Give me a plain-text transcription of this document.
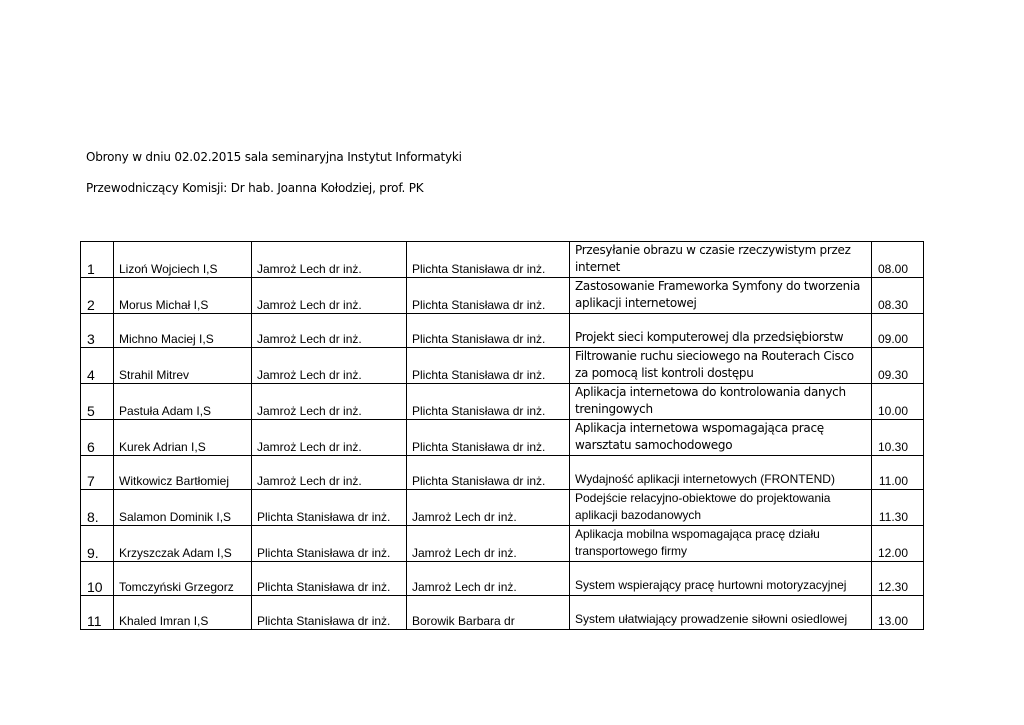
Obrony w dniu 02.02.2015 sala seminaryjna Instytut Informatyki
Przewodniczący Komisji: Dr hab. Joanna Kołodziej, prof. PK
1	Lizoń Wojciech I,S	Jamroż Lech dr inż.	Plichta Stanisława dr inż.	Przesyłanie obrazu w czasie rzeczywistym przez internet	08.00
2	Morus Michał I,S	Jamroż Lech dr inż.	Plichta Stanisława dr inż.	Zastosowanie Frameworka Symfony do tworzenia aplikacji internetowej	08.30
3	Michno Maciej I,S	Jamroż Lech dr inż.	Plichta Stanisława dr inż.	Projekt sieci komputerowej dla przedsiębiorstw	09.00
4	Strahil Mitrev	Jamroż Lech dr inż.	Plichta Stanisława dr inż.	Filtrowanie ruchu sieciowego na Routerach Cisco za pomocą list kontroli dostępu	09.30
5	Pastuła Adam I,S	Jamroż Lech dr inż.	Plichta Stanisława dr inż.	Aplikacja internetowa do kontrolowania danych treningowych	10.00
6	Kurek Adrian I,S	Jamroż Lech dr inż.	Plichta Stanisława dr inż.	Aplikacja internetowa wspomagająca pracę warsztatu samochodowego	10.30
7	Witkowicz Bartłomiej	Jamroż Lech dr inż.	Plichta Stanisława dr inż.	Wydajność aplikacji internetowych (FRONTEND)	11.00
8.	Salamon Dominik I,S	Plichta Stanisława dr inż.	Jamroż Lech dr inż.	Podejście relacyjno-obiektowe do projektowania aplikacji bazodanowych	11.30
9.	Krzyszczak Adam I,S	Plichta Stanisława dr inż.	Jamroż Lech dr inż.	Aplikacja mobilna wspomagająca pracę działu transportowego firmy	12.00
10	Tomczyński Grzegorz	Plichta Stanisława dr inż.	Jamroż Lech dr inż.	System wspierający pracę hurtowni motoryzacyjnej	12.30
11	Khaled Imran I,S	Plichta Stanisława dr inż.	Borowik Barbara dr	System ułatwiający prowadzenie siłowni osiedlowej	13.00
